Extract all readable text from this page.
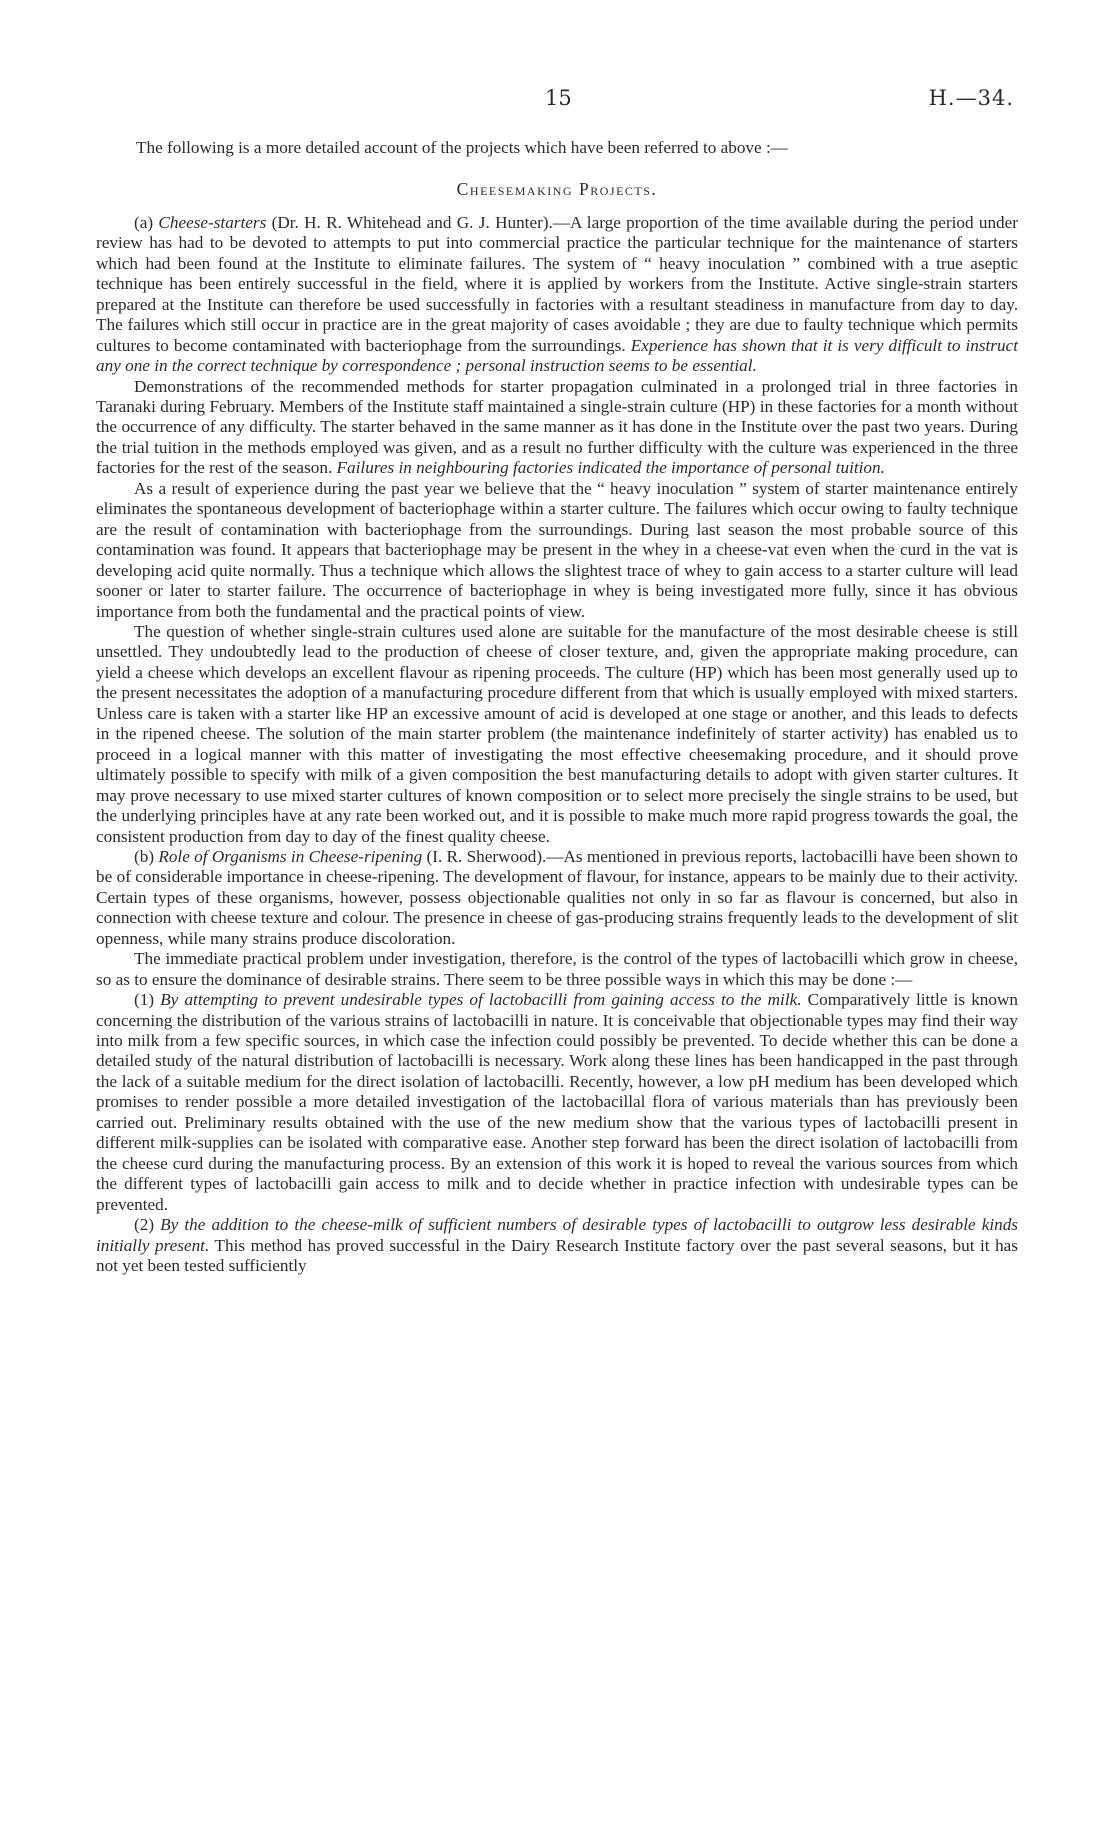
15	H.—34.

The following is a more detailed account of the projects which have been referred to above :—

Cheesemaking Projects.

(a) Cheese-starters (Dr. H. R. Whitehead and G. J. Hunter).—A large proportion of the time available during the period under review has had to be devoted to attempts to put into commercial practice the particular technique for the maintenance of starters which had been found at the Institute to eliminate failures. The system of “ heavy inoculation ” combined with a true aseptic technique has been entirely successful in the field, where it is applied by workers from the Institute. Active single-strain starters prepared at the Institute can therefore be used successfully in factories with a resultant steadiness in manufacture from day to day. The failures which still occur in practice are in the great majority of cases avoidable ; they are due to faulty technique which permits cultures to become contaminated with bacteriophage from the surroundings. Experience has shown that it is very difficult to instruct any one in the correct technique by correspondence ; personal instruction seems to be essential.

Demonstrations of the recommended methods for starter propagation culminated in a prolonged trial in three factories in Taranaki during February. Members of the Institute staff maintained a single-strain culture (HP) in these factories for a month without the occurrence of any difficulty. The starter behaved in the same manner as it has done in the Institute over the past two years. During the trial tuition in the methods employed was given, and as a result no further difficulty with the culture was experienced in the three factories for the rest of the season. Failures in neighbouring factories indicated the importance of personal tuition.

As a result of experience during the past year we believe that the “ heavy inoculation ” system of starter maintenance entirely eliminates the spontaneous development of bacteriophage within a starter culture. The failures which occur owing to faulty technique are the result of contamination with bacteriophage from the surroundings. During last season the most probable source of this contamination was found. It appears that bacteriophage may be present in the whey in a cheese-vat even when the curd in the vat is developing acid quite normally. Thus a technique which allows the slightest trace of whey to gain access to a starter culture will lead sooner or later to starter failure. The occurrence of bacteriophage in whey is being investigated more fully, since it has obvious importance from both the fundamental and the practical points of view.

The question of whether single-strain cultures used alone are suitable for the manufacture of the most desirable cheese is still unsettled. They undoubtedly lead to the production of cheese of closer texture, and, given the appropriate making procedure, can yield a cheese which develops an excellent flavour as ripening proceeds. The culture (HP) which has been most generally used up to the present necessitates the adoption of a manufacturing procedure different from that which is usually employed with mixed starters. Unless care is taken with a starter like HP an excessive amount of acid is developed at one stage or another, and this leads to defects in the ripened cheese. The solution of the main starter problem (the maintenance indefinitely of starter activity) has enabled us to proceed in a logical manner with this matter of investigating the most effective cheesemaking procedure, and it should prove ultimately possible to specify with milk of a given composition the best manufacturing details to adopt with given starter cultures. It may prove necessary to use mixed starter cultures of known composition or to select more precisely the single strains to be used, but the underlying principles have at any rate been worked out, and it is possible to make much more rapid progress towards the goal, the consistent production from day to day of the finest quality cheese.

(b) Role of Organisms in Cheese-ripening (I. R. Sherwood).—As mentioned in previous reports, lactobacilli have been shown to be of considerable importance in cheese-ripening. The development of flavour, for instance, appears to be mainly due to their activity. Certain types of these organisms, however, possess objectionable qualities not only in so far as flavour is concerned, but also in connection with cheese texture and colour. The presence in cheese of gas-producing strains frequently leads to the development of slit openness, while many strains produce discoloration.

The immediate practical problem under investigation, therefore, is the control of the types of lactobacilli which grow in cheese, so as to ensure the dominance of desirable strains. There seem to be three possible ways in which this may be done :—

(1) By attempting to prevent undesirable types of lactobacilli from gaining access to the milk. Comparatively little is known concerning the distribution of the various strains of lactobacilli in nature. It is conceivable that objectionable types may find their way into milk from a few specific sources, in which case the infection could possibly be prevented. To decide whether this can be done a detailed study of the natural distribution of lactobacilli is necessary. Work along these lines has been handicapped in the past through the lack of a suitable medium for the direct isolation of lactobacilli. Recently, however, a low pH medium has been developed which promises to render possible a more detailed investigation of the lactobacillal flora of various materials than has previously been carried out. Preliminary results obtained with the use of the new medium show that the various types of lactobacilli present in different milk-supplies can be isolated with comparative ease. Another step forward has been the direct isolation of lactobacilli from the cheese curd during the manufacturing process. By an extension of this work it is hoped to reveal the various sources from which the different types of lactobacilli gain access to milk and to decide whether in practice infection with undesirable types can be prevented.

(2) By the addition to the cheese-milk of sufficient numbers of desirable types of lactobacilli to outgrow less desirable kinds initially present. This method has proved successful in the Dairy Research Institute factory over the past several seasons, but it has not yet been tested sufficiently
